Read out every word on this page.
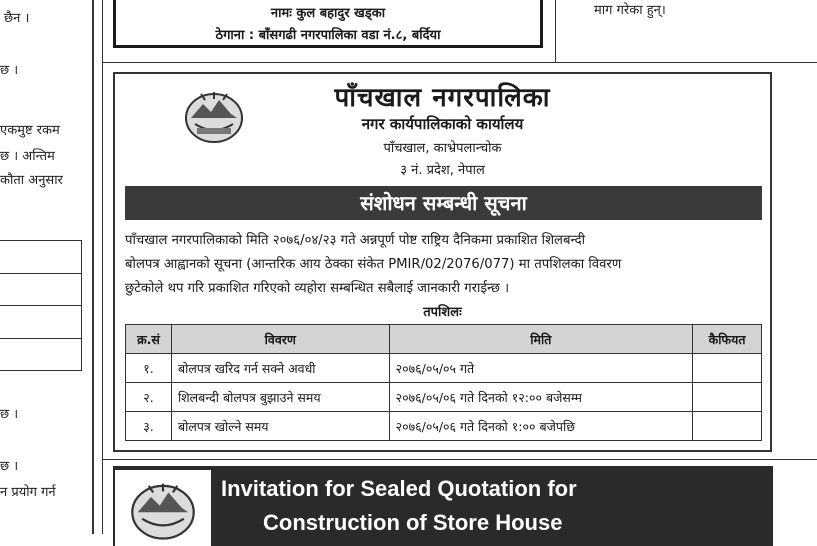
छैन ।
छ ।
एकमुष्ट रकम
छ । अन्तिम
कौता अनुसार
छ ।
छ ।
न प्रयोग गर्न
नामः कुल बहादुर खड्का
ठेगाना : बाँसगढी नगरपालिका वडा नं.८, बर्दिया
माग गरेका हुन्।
पाँचखाल नगरपालिका
नगर कार्यपालिकाको कार्यालय
पाँचखाल, काभ्रेपलान्चोक
३ नं. प्रदेश, नेपाल
संशोधन सम्बन्धी सूचना
पाँचखाल नगरपालिकाको मिति २०७६/०४/२३ गते अन्नपूर्ण पोष्ट राष्ट्रिय दैनिकमा प्रकाशित शिलबन्दी
बोलपत्र आह्वानको सूचना (आन्तरिक आय ठेक्का संकेत PMIR/02/2076/077) मा तपशिलका विवरण
छुटेकोले थप गरि प्रकाशित गरिएको व्यहोरा सम्बन्धित सबैलाई जानकारी गराईन्छ ।
तपशिलः
क्र.सं	विवरण	मिति	कैफियत
१.	बोलपत्र खरिद गर्न सक्ने अवधी	२०७६/०५/०५ गते	
२.	शिलबन्दी बोलपत्र बुझाउने समय	२०७६/०५/०६ गते दिनको १२:०० बजेसम्म	
३.	बोलपत्र खोल्ने समय	२०७६/०५/०६ गते दिनको १:०० बजेपछि	
Invitation for Sealed Quotation for
Construction of Store House
